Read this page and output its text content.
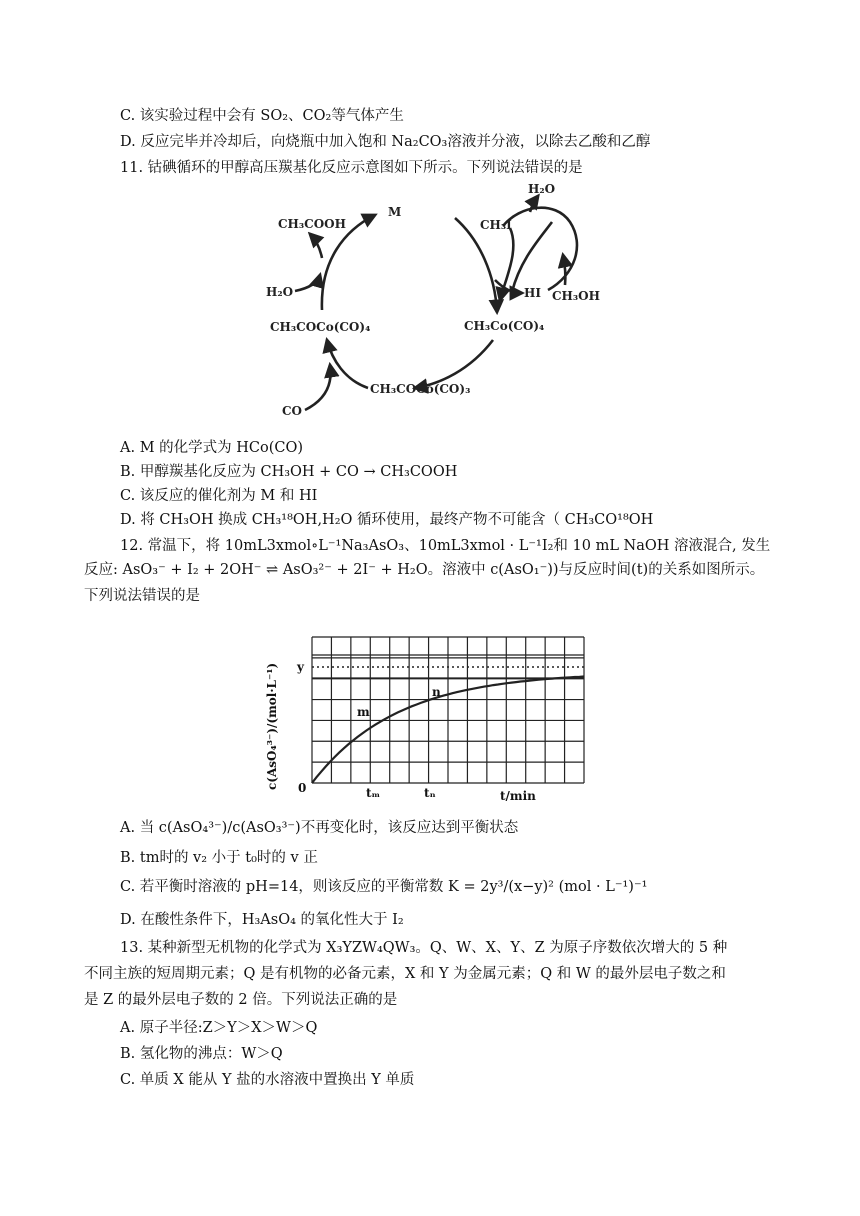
C. 该实验过程中会有 SO₂、CO₂等气体产生
D. 反应完毕并冷却后，向烧瓶中加入饱和 Na₂CO₃溶液并分液，以除去乙酸和乙醇
11. 钴碘循环的甲醇高压羰基化反应示意图如下所示。下列说法错误的是
M
CH₃COOH
H₂O
CH₃COCo(CO)₄
CO
CH₃COCo(CO)₃
CH₃Co(CO)₄
CH₃I
H₂O
HI CH₃OH
A. M 的化学式为 HCo(CO)
B. 甲醇羰基化反应为 CH₃OH + CO → CH₃COOH
C. 该反应的催化剂为 M 和 HI
D. 将 CH₃OH 换成 CH₃¹⁸OH,H₂O 循环使用，最终产物不可能含（ CH₃CO¹⁸OH
12. 常温下，将 10mL3xmol∘L⁻¹Na₃AsO₃、10mL3xmol · L⁻¹I₂和 10 mL NaOH 溶液混合, 发生
反应: AsO₃⁻ + I₂ + 2OH⁻ ⇌ AsO₃²⁻ + 2I⁻ + H₂O。溶液中 c(AsO₁⁻))与反应时间(t)的关系如图所示。
下列说法错误的是
c(AsO₄³⁻)/(mol·L⁻¹) y
0
m
n
tₘ	tₙ	t/min
A. 当 c(AsO₄³⁻)/c(AsO₃³⁻)不再变化时，该反应达到平衡状态
B. tm时的 v₂ 小于 t₀时的 v 正
C. 若平衡时溶液的 pH=14，则该反应的平衡常数 K = 2y³/(x−y)² (mol · L⁻¹)⁻¹
D. 在酸性条件下，H₃AsO₄ 的氧化性大于 I₂
13. 某种新型无机物的化学式为 X₃YZW₄QW₃。Q、W、X、Y、Z 为原子序数依次增大的 5 种
不同主族的短周期元素；Q 是有机物的必备元素，X 和 Y 为金属元素；Q 和 W 的最外层电子数之和
是 Z 的最外层电子数的 2 倍。下列说法正确的是
A. 原子半径:Z＞Y＞X＞W＞Q
B. 氢化物的沸点：W＞Q
C. 单质 X 能从 Y 盐的水溶液中置换出 Y 单质
